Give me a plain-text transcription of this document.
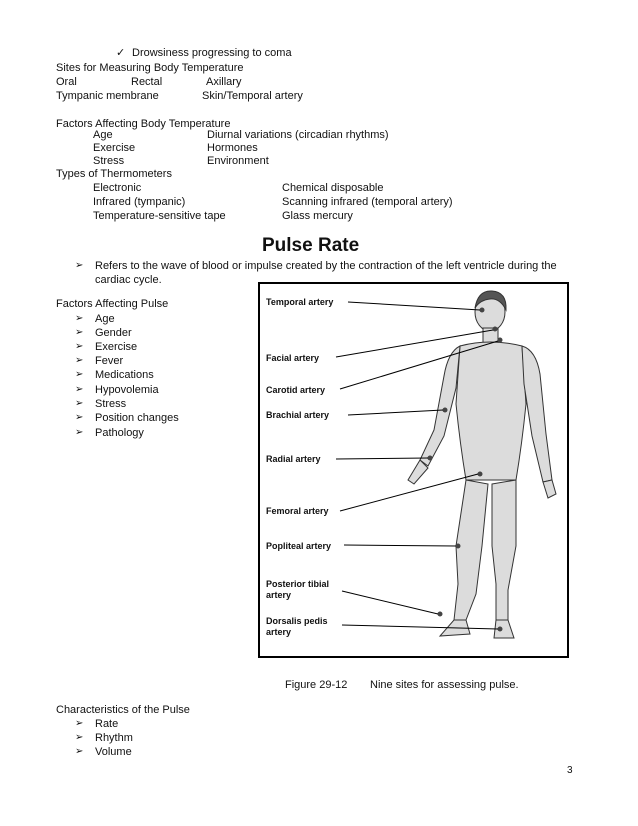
✓ Drowsiness progressing to coma
Sites for Measuring Body Temperature
Oral	Rectal	Axillary
Tympanic membrane	Skin/Temporal artery
Factors Affecting Body Temperature
Age	Diurnal variations (circadian rhythms)
Exercise	Hormones
Stress	Environment
Types of Thermometers
Electronic	Chemical disposable
Infrared (tympanic)	Scanning infrared (temporal artery)
Temperature-sensitive tape	Glass mercury
Pulse Rate
➢ Refers to the wave of blood or impulse created by the contraction of the left ventricle during the
cardiac cycle.
Factors Affecting Pulse
➢ Age
➢ Gender
➢ Exercise
➢ Fever
➢ Medications
➢ Hypovolemia
➢ Stress
➢ Position changes
➢ Pathology
Temporal artery
Facial artery
Carotid artery
Brachial artery
Radial artery
Femoral artery
Popliteal artery
Posterior tibial
artery
Dorsalis pedis
artery
Figure 29-12 Nine sites for assessing pulse.
Characteristics of the Pulse
➢ Rate
➢ Rhythm
➢ Volume
3
